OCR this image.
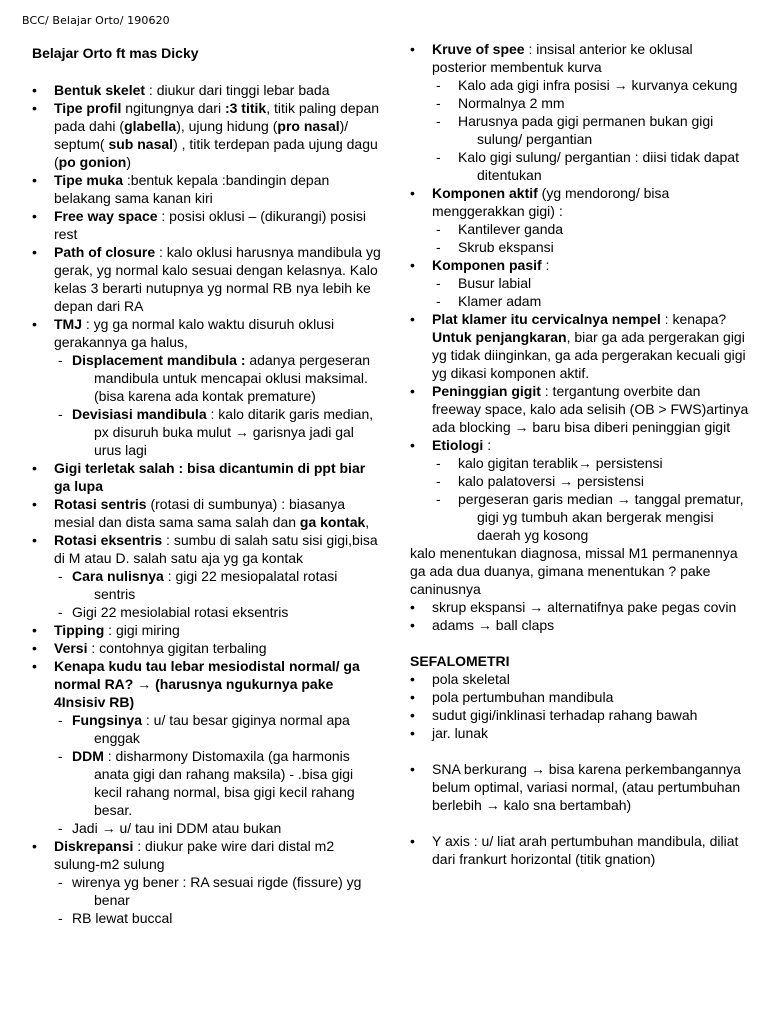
BCC/ Belajar Orto/ 190620
Belajar Orto ft mas Dicky
• Bentuk skelet : diukur dari tinggi lebar bada
• Tipe profil ngitungnya dari :3 titik, titik paling depan pada dahi (glabella), ujung hidung (pro nasal)/ septum( sub nasal) , titik terdepan pada ujung dagu (po gonion)
• Tipe muka :bentuk kepala :bandingin depan belakang sama kanan kiri
• Free way space : posisi oklusi – (dikurangi) posisi rest
• Path of closure : kalo oklusi harusnya mandibula yg gerak, yg normal kalo sesuai dengan kelasnya. Kalo kelas 3 berarti nutupnya yg normal RB nya lebih ke depan dari RA
• TMJ : yg ga normal kalo waktu disuruh oklusi gerakannya ga halus,
- Displacement mandibula : adanya pergeseran mandibula untuk mencapai oklusi maksimal. (bisa karena ada kontak premature)
- Devisiasi mandibula : kalo ditarik garis median, px disuruh buka mulut → garisnya jadi gal urus lagi
• Gigi terletak salah : bisa dicantumin di ppt biar ga lupa
• Rotasi sentris (rotasi di sumbunya) : biasanya mesial dan dista sama sama salah dan ga kontak,
• Rotasi eksentris : sumbu di salah satu sisi gigi,bisa di M atau D. salah satu aja yg ga kontak
- Cara nulisnya : gigi 22 mesiopalatal rotasi sentris
- Gigi 22 mesiolabial rotasi eksentris
• Tipping : gigi miring
• Versi : contohnya gigitan terbaling
• Kenapa kudu tau lebar mesiodistal normal/ ga normal RA? → (harusnya ngukurnya pake 4Insisiv RB)
- Fungsinya : u/ tau besar giginya normal apa enggak
- DDM : disharmony Distomaxila (ga harmonis anata gigi dan rahang maksila) - .bisa gigi kecil rahang normal, bisa gigi kecil rahang besar.
- Jadi → u/ tau ini DDM atau bukan
• Diskrepansi : diukur pake wire dari distal m2 sulung-m2 sulung
- wirenya yg bener : RA sesuai rigde (fissure) yg benar
- RB lewat buccal
• Kruve of spee : insisal anterior ke oklusal posterior membentuk kurva
- Kalo ada gigi infra posisi → kurvanya cekung
- Normalnya 2 mm
- Harusnya pada gigi permanen bukan gigi sulung/ pergantian
- Kalo gigi sulung/ pergantian : diisi tidak dapat ditentukan
• Komponen aktif (yg mendorong/ bisa menggerakkan gigi) :
- Kantilever ganda
- Skrub ekspansi
• Komponen pasif :
- Busur labial
- Klamer adam
• Plat klamer itu cervicalnya nempel : kenapa? Untuk penjangkaran, biar ga ada pergerakan gigi yg tidak diinginkan, ga ada pergerakan kecuali gigi yg dikasi komponen aktif.
• Peninggian gigit : tergantung overbite dan freeway space, kalo ada selisih (OB > FWS)artinya ada blocking → baru bisa diberi peninggian gigit
• Etiologi :
- kalo gigitan terablik→ persistensi
- kalo palatoversi → persistensi
- pergeseran garis median → tanggal prematur, gigi yg tumbuh akan bergerak mengisi daerah yg kosong

kalo menentukan diagnosa, missal M1 permanennya ga ada dua duanya, gimana menentukan ? pake caninusnya

• skrup ekspansi → alternatifnya pake pegas covin
• adams → ball claps

SEFALOMETRI

• pola skeletal
• pola pertumbuhan mandibula
• sudut gigi/inklinasi terhadap rahang bawah
• jar. lunak
• SNA berkurang → bisa karena perkembangannya belum optimal, variasi normal, (atau pertumbuhan berlebih → kalo sna bertambah)
• Y axis : u/ liat arah pertumbuhan mandibula, diliat dari frankurt horizontal (titik gnation)
